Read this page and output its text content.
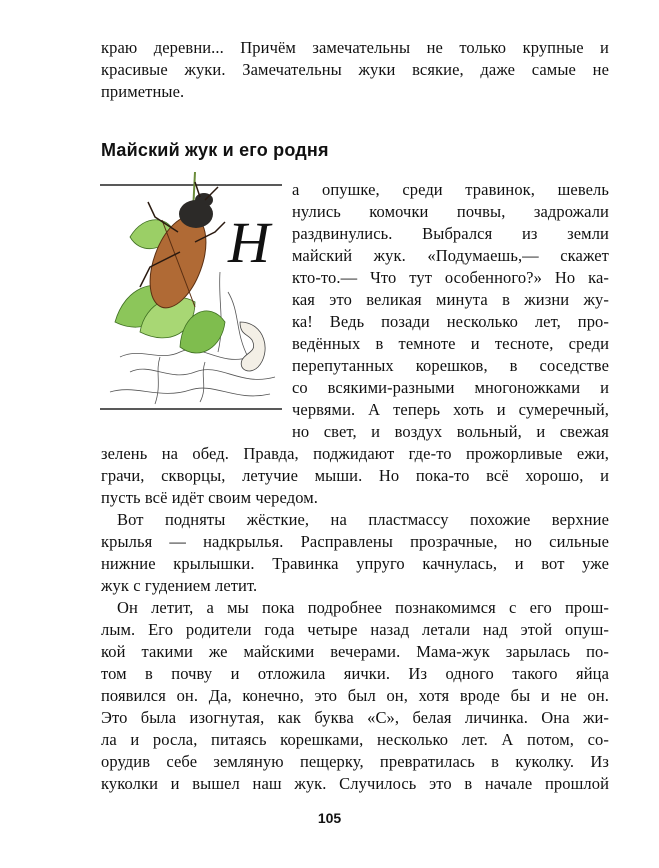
краю деревни... Причём замечательны не только крупные и
красивые жуки. Замечательны жуки всякие, даже самые не
приметные.
Майский жук и его родня
Н
а опушке, среди травинок, шевель
нулись комочки почвы, задрожали
раздвинулись. Выбрался из земли
майский жук. «Подумаешь,— скажет
кто-то.— Что тут особенного?» Но ка-
кая это великая минута в жизни жу-
ка! Ведь позади несколько лет, про-
ведённых в темноте и тесноте, среди
перепутанных корешков, в соседстве
со всякими-разными многоножками и
червями. А теперь хоть и сумеречный,
но свет, и воздух вольный, и свежая
зелень на обед. Правда, поджидают где-то прожорливые ежи,
грачи, скворцы, летучие мыши. Но пока-то всё хорошо, и
пусть всё идёт своим чередом.
Вот подняты жёсткие, на пластмассу похожие верхние
крылья — надкрылья. Расправлены прозрачные, но сильные
нижние крылышки. Травинка упруго качнулась, и вот уже
жук с гудением летит.
Он летит, а мы пока подробнее познакомимся с его прош-
лым. Его родители года четыре назад летали над этой опуш-
кой такими же майскими вечерами. Мама-жук зарылась по-
том в почву и отложила яички. Из одного такого яйца
появился он. Да, конечно, это был он, хотя вроде бы и не он.
Это была изогнутая, как буква «С», белая личинка. Она жи-
ла и росла, питаясь корешками, несколько лет. А потом, со-
орудив себе земляную пещерку, превратилась в куколку. Из
куколки и вышел наш жук. Случилось это в начале прошлой
105
